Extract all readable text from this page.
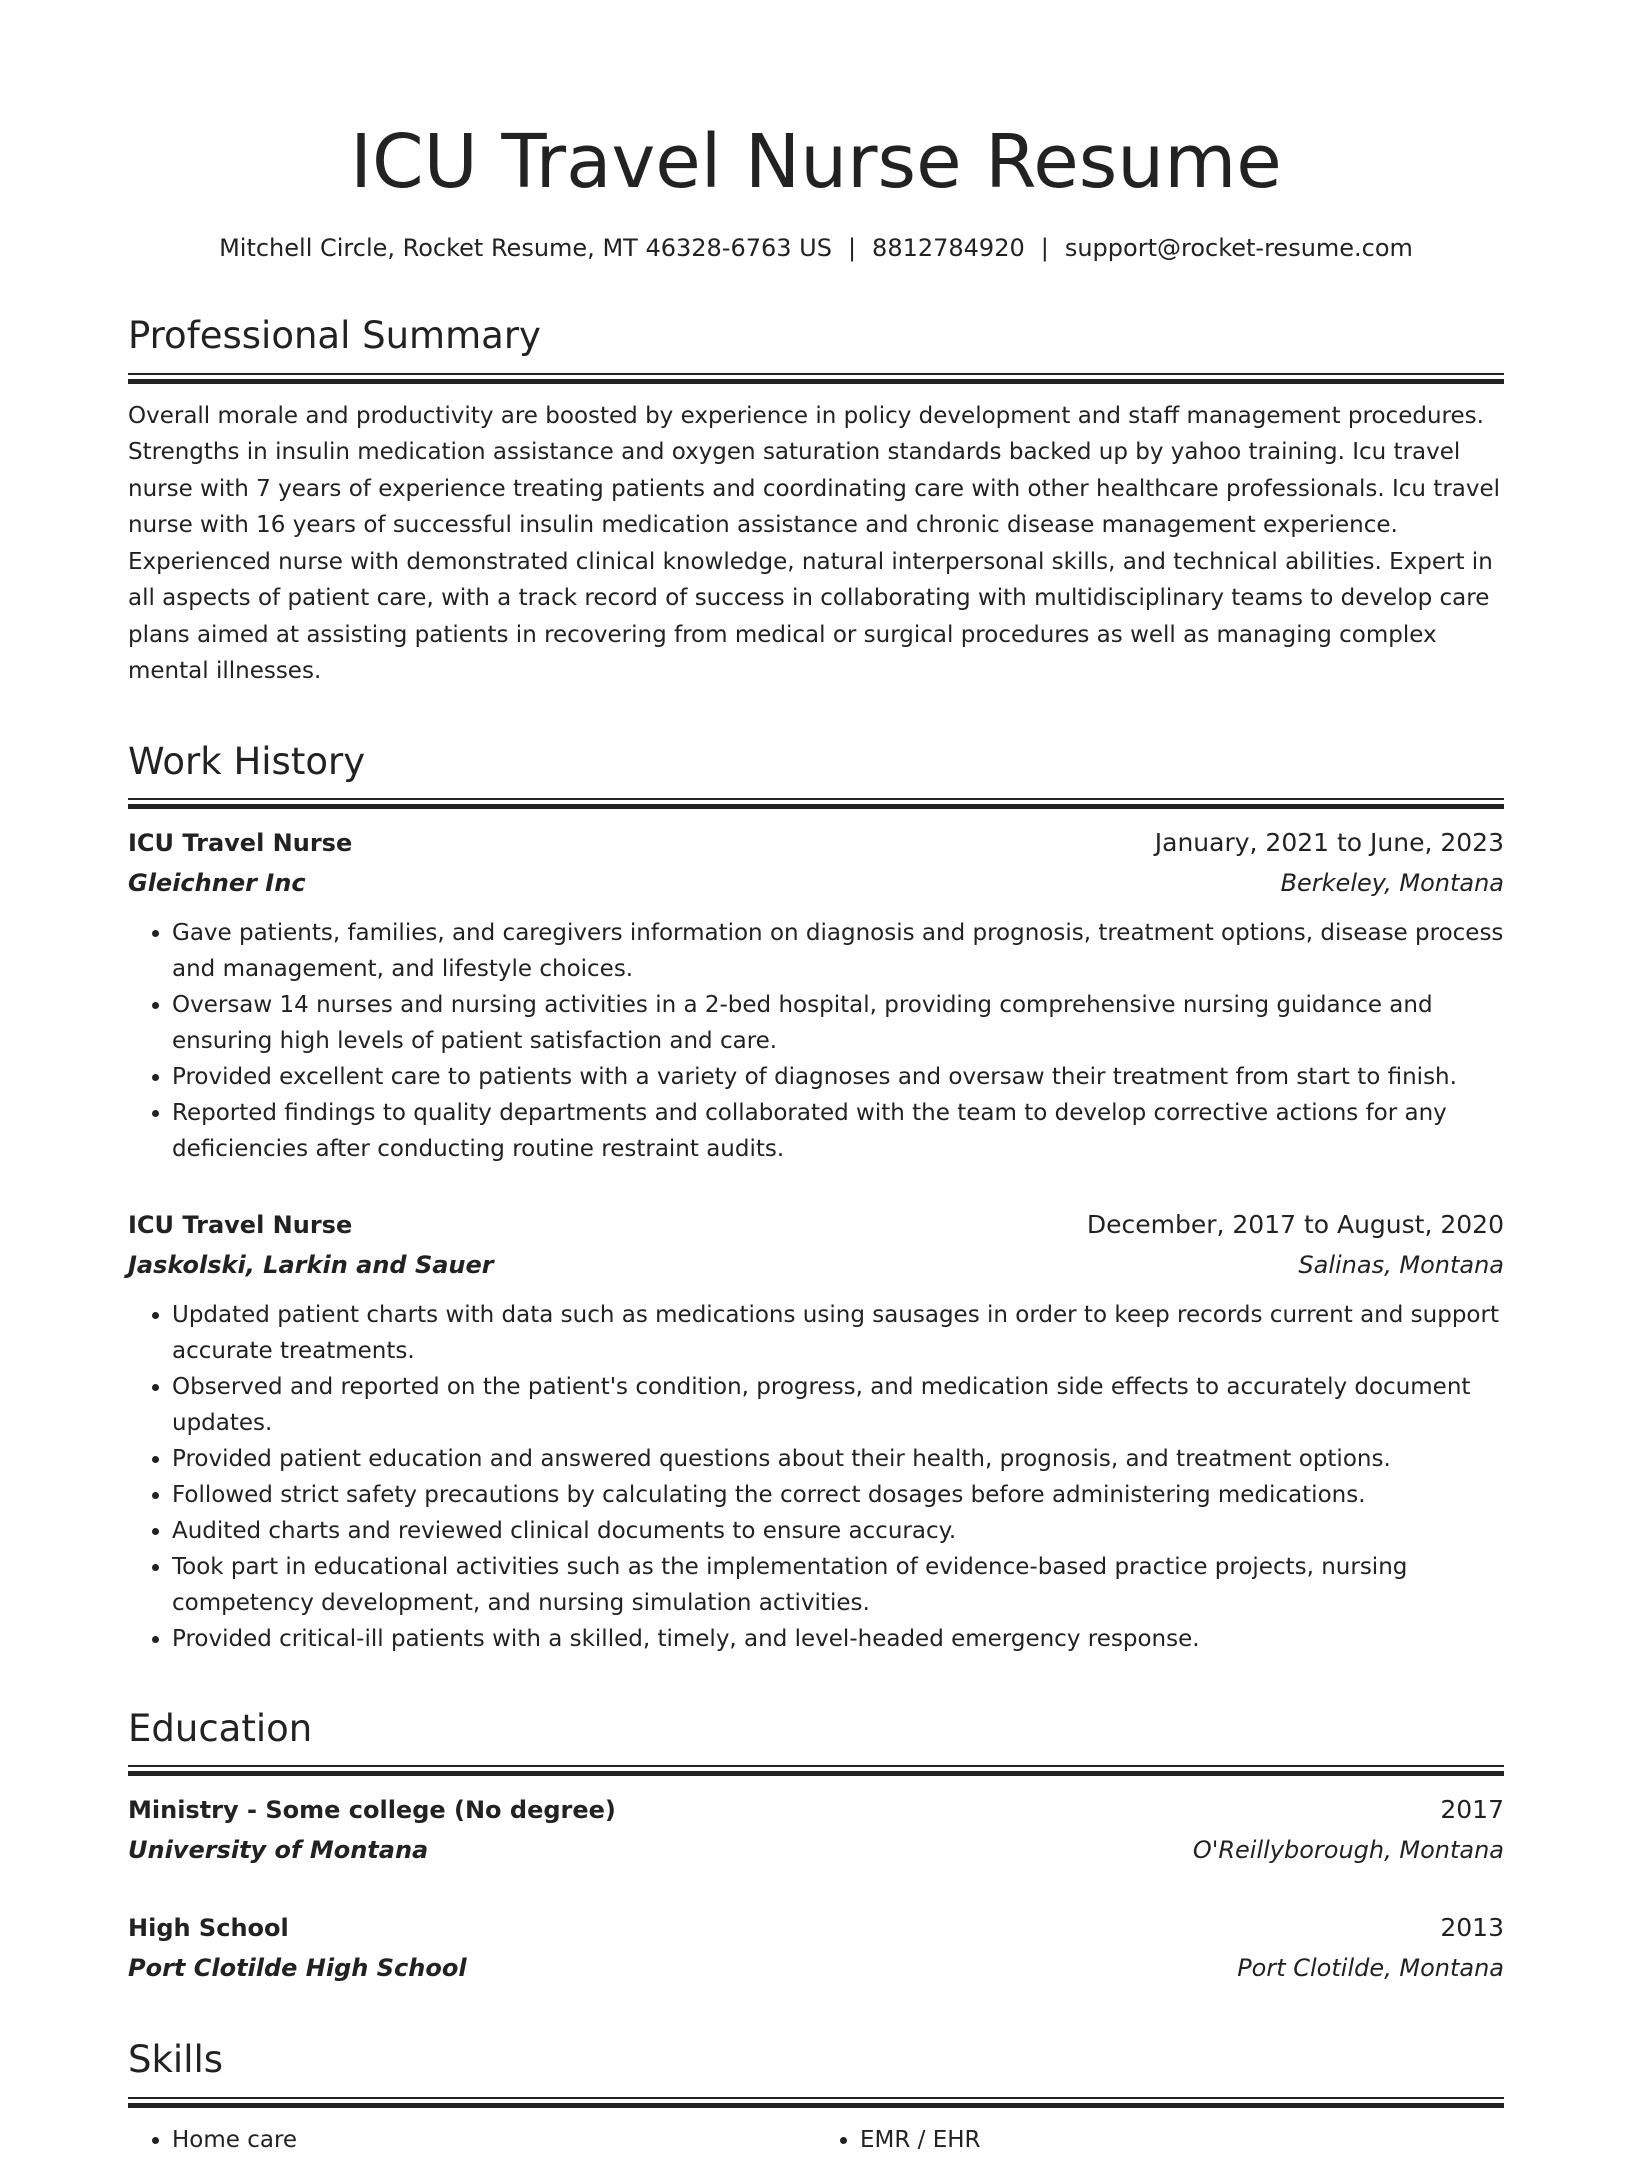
ICU Travel Nurse Resume
Mitchell Circle, Rocket Resume, MT 46328-6763 US | 8812784920 | support@rocket-resume.com
Professional Summary

Overall morale and productivity are boosted by experience in policy development and staff management procedures. Strengths in insulin medication assistance and oxygen saturation standards backed up by yahoo training. Icu travel nurse with 7 years of experience treating patients and coordinating care with other healthcare professionals. Icu travel nurse with 16 years of successful insulin medication assistance and chronic disease management experience. Experienced nurse with demonstrated clinical knowledge, natural interpersonal skills, and technical abilities. Expert in all aspects of patient care, with a track record of success in collaborating with multidisciplinary teams to develop care plans aimed at assisting patients in recovering from medical or surgical procedures as well as managing complex mental illnesses.

Work History
ICU Travel Nurse	January, 2021 to June, 2023
Gleichner Inc	Berkeley, Montana
• Gave patients, families, and caregivers information on diagnosis and prognosis, treatment options, disease process and management, and lifestyle choices.
• Oversaw 14 nurses and nursing activities in a 2-bed hospital, providing comprehensive nursing guidance and ensuring high levels of patient satisfaction and care.
• Provided excellent care to patients with a variety of diagnoses and oversaw their treatment from start to finish.
• Reported findings to quality departments and collaborated with the team to develop corrective actions for any deficiencies after conducting routine restraint audits.
ICU Travel Nurse	December, 2017 to August, 2020
Jaskolski, Larkin and Sauer	Salinas, Montana
• Updated patient charts with data such as medications using sausages in order to keep records current and support accurate treatments.
• Observed and reported on the patient's condition, progress, and medication side effects to accurately document updates.
• Provided patient education and answered questions about their health, prognosis, and treatment options.
• Followed strict safety precautions by calculating the correct dosages before administering medications.
• Audited charts and reviewed clinical documents to ensure accuracy.
• Took part in educational activities such as the implementation of evidence-based practice projects, nursing competency development, and nursing simulation activities.
• Provided critical-ill patients with a skilled, timely, and level-headed emergency response.
Education
Ministry - Some college (No degree)	2017
University of Montana	O'Reillyborough, Montana
High School	2013
Port Clotilde High School	Port Clotilde, Montana
Skills
• Home care
•	EMR / EHR
